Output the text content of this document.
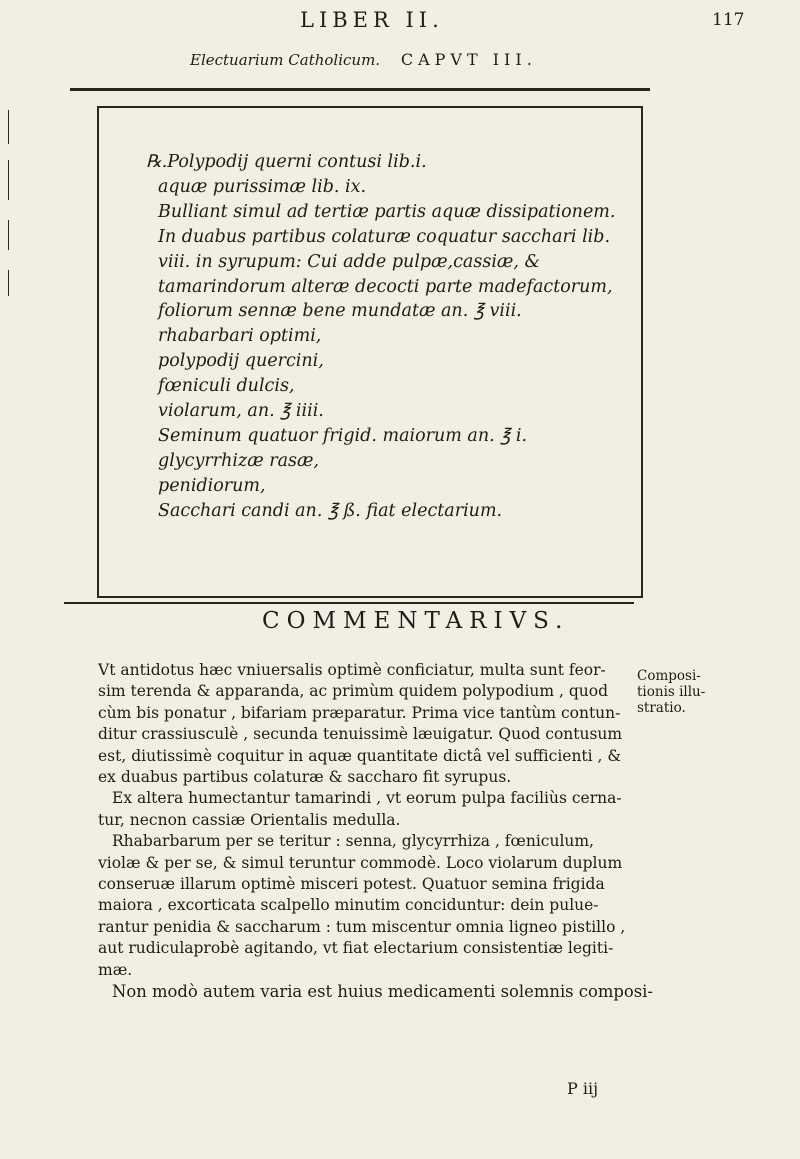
LIBER II.	117
Electuarium Catholicum. CAPVT III.
℞.Polypodij querni contusi lib.i.
aquæ purissimæ lib. ix.
Bulliant simul ad tertiæ partis aquæ dissipationem.
In duabus partibus colaturæ coquatur sacchari lib.
viii. in syrupum: Cui adde pulpæ,cassiæ, &
tamarindorum alteræ decocti parte madefactorum,
foliorum sennæ bene mundatæ an. ℥ viii.
rhabarbari optimi,
polypodij quercini,
fœniculi dulcis,
violarum, an. ℥ iiii.
Seminum quatuor frigid. maiorum an. ℥ i.
glycyrrhizæ rasæ,
penidiorum,
Sacchari candi an. ℥ ß. fiat electarium.
COMMENTARIVS.
Vt antidotus hæc vniuersalis optimè conficiatur, multa sunt feor-
sim terenda & apparanda, ac primùm quidem polypodium , quod
cùm bis ponatur , bifariam præparatur. Prima vice tantùm contun-
ditur crassiusculè , secunda tenuissimè læuigatur. Quod contusum
est, diutissimè coquitur in aquæ quantitate dictâ vel sufficienti , &
ex duabus partibus colaturæ & saccharo fit syrupus.
Ex altera humectantur tamarindi , vt eorum pulpa faciliùs cerna-
tur, necnon cassiæ Orientalis medulla.
Rhabarbarum per se teritur : senna, glycyrrhiza , fœniculum,
violæ & per se, & simul teruntur commodè. Loco violarum duplum
conseruæ illarum optimè misceri potest. Quatuor semina frigida
maiora , excorticata scalpello minutim conciduntur: dein pulue-
rantur penidia & saccharum : tum miscentur omnia ligneo pistillo ,
aut rudiculaprobè agitando, vt fiat electarium consistentiæ legiti-
mæ.
Non modò autem varia est huius medicamenti solemnis composi-
Composi-
tionis illu-
stratio.
P iij
